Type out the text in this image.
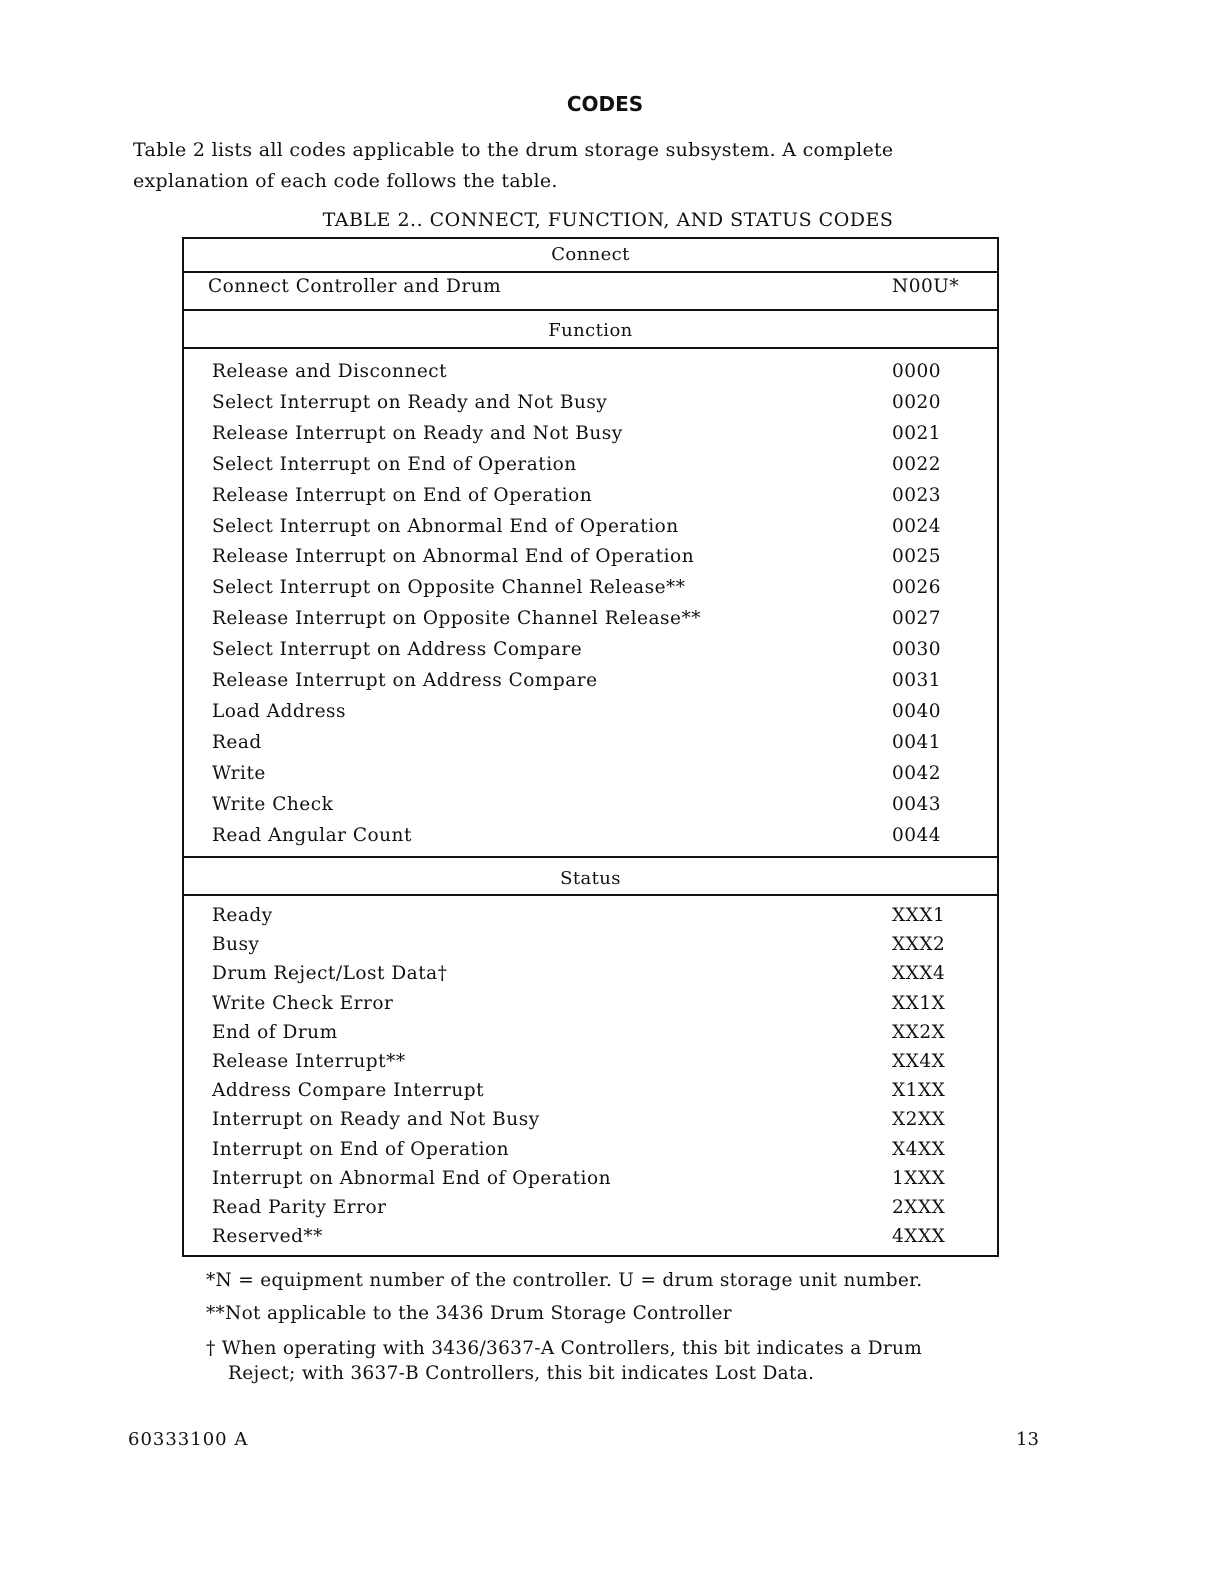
CODES
Table 2 lists all codes applicable to the drum storage subsystem. A complete explanation of each code follows the table.
TABLE 2.. CONNECT, FUNCTION, AND STATUS CODES
Connect
Connect Controller and Drum	N00U*
Function
Release and Disconnect	0000
Select Interrupt on Ready and Not Busy	0020
Release Interrupt on Ready and Not Busy	0021
Select Interrupt on End of Operation	0022
Release Interrupt on End of Operation	0023
Select Interrupt on Abnormal End of Operation	0024
Release Interrupt on Abnormal End of Operation	0025
Select Interrupt on Opposite Channel Release**	0026
Release Interrupt on Opposite Channel Release**	0027
Select Interrupt on Address Compare	0030
Release Interrupt on Address Compare	0031
Load Address	0040
Read	0041
Write	0042
Write Check	0043
Read Angular Count	0044
Status
Ready	XXX1
Busy	XXX2
Drum Reject/Lost Data†	XXX4
Write Check Error	XX1X
End of Drum	XX2X
Release Interrupt**	XX4X
Address Compare Interrupt	X1XX
Interrupt on Ready and Not Busy	X2XX
Interrupt on End of Operation	X4XX
Interrupt on Abnormal End of Operation	1XXX
Read Parity Error	2XXX
Reserved**	4XXX
*N = equipment number of the controller. U = drum storage unit number.
**Not applicable to the 3436 Drum Storage Controller
† When operating with 3436/3637-A Controllers, this bit indicates a Drum
Reject; with 3637-B Controllers, this bit indicates Lost Data.
60333100 A	13
